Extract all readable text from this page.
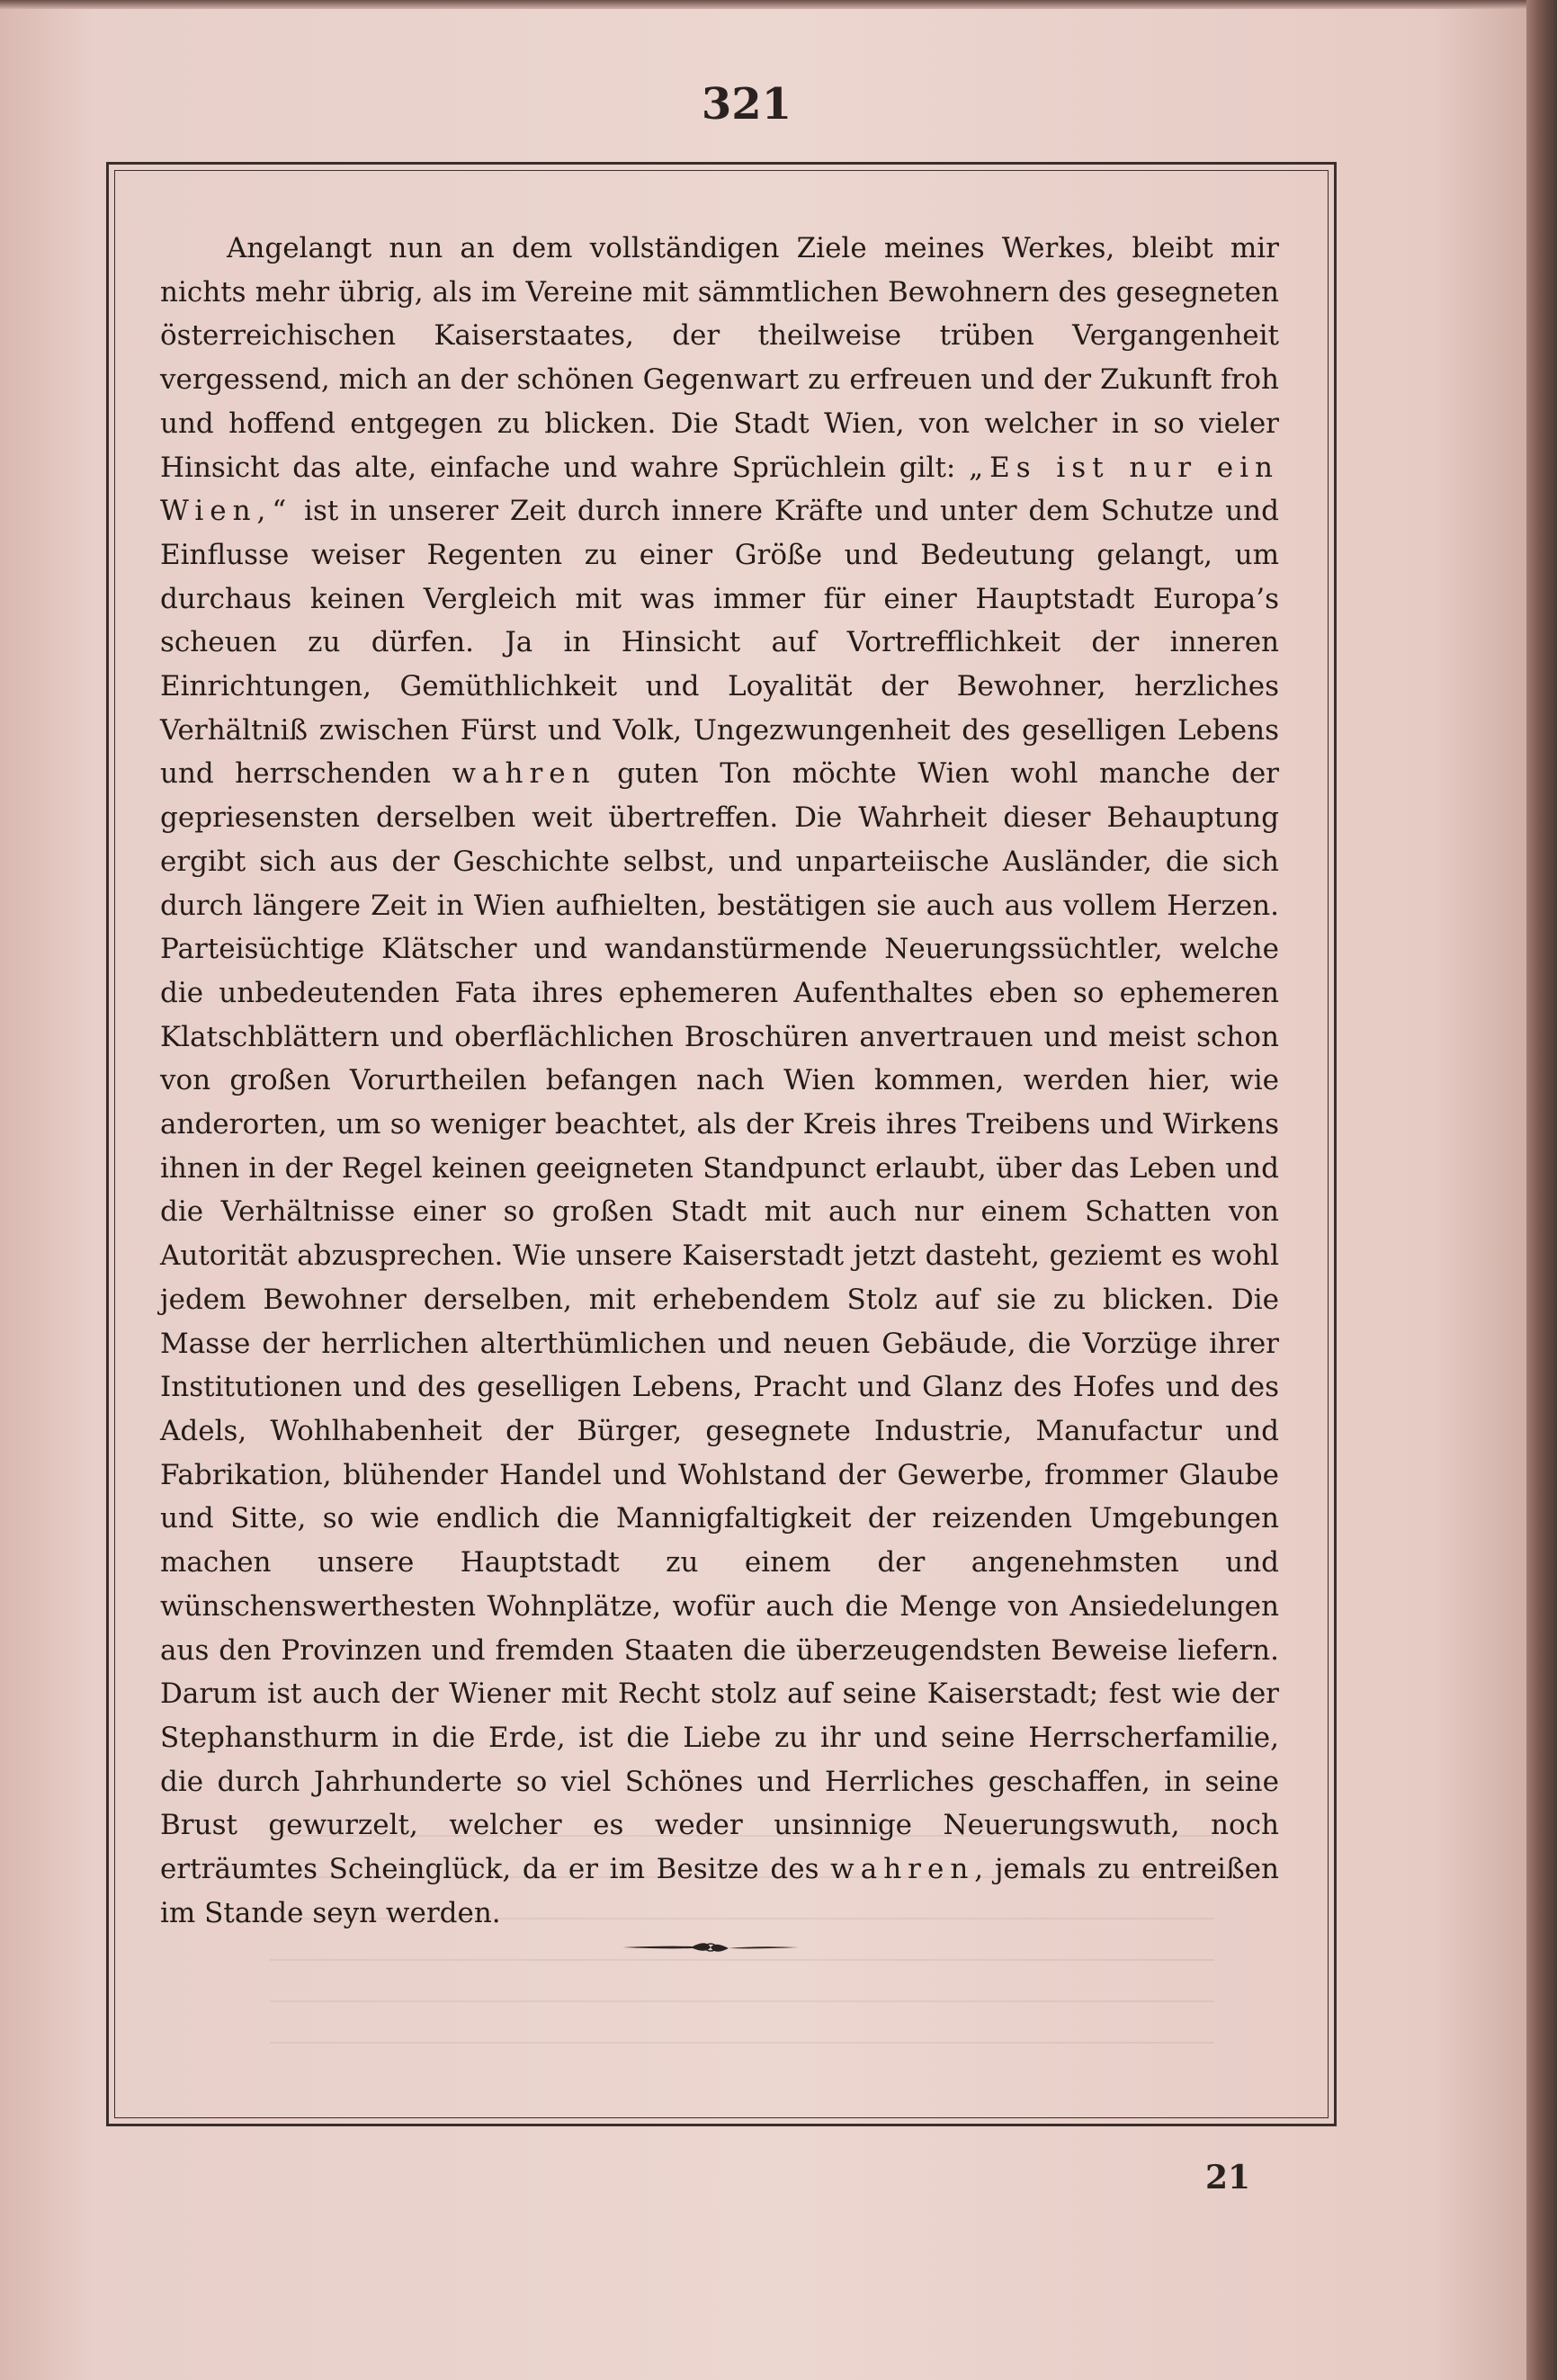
321

Angelangt nun an dem vollständigen Ziele meines Werkes, bleibt mir nichts mehr übrig, als im Vereine mit sämmtlichen Bewohnern des gesegneten österreichischen Kaiserstaates, der theilweise trüben Vergangenheit vergessend, mich an der schönen Gegenwart zu erfreuen und der Zukunft froh und hoffend entgegen zu blicken. Die Stadt Wien, von welcher in so vieler Hinsicht das alte, einfache und wahre Sprüchlein gilt: „Es ist nur ein Wien,“ ist in unserer Zeit durch innere Kräfte und unter dem Schutze und Einflusse weiser Regenten zu einer Größe und Bedeutung gelangt, um durchaus keinen Vergleich mit was immer für einer Hauptstadt Europa’s scheuen zu dürfen. Ja in Hinsicht auf Vortrefflichkeit der inneren Einrichtungen, Gemüthlichkeit und Loyalität der Bewohner, herzliches Verhältniß zwischen Fürst und Volk, Ungezwungenheit des geselligen Lebens und herrschenden wahren guten Ton möchte Wien wohl manche der gepriesensten derselben weit übertreffen. Die Wahrheit dieser Behauptung ergibt sich aus der Geschichte selbst, und unparteiische Ausländer, die sich durch längere Zeit in Wien aufhielten, bestätigen sie auch aus vollem Herzen. Parteisüchtige Klätscher und wandanstürmende Neuerungssüchtler, welche die unbedeutenden Fata ihres ephemeren Aufenthaltes eben so ephemeren Klatschblättern und oberflächlichen Broschüren anvertrauen und meist schon von großen Vorurtheilen befangen nach Wien kommen, werden hier, wie anderorten, um so weniger beachtet, als der Kreis ihres Treibens und Wirkens ihnen in der Regel keinen geeigneten Standpunct erlaubt, über das Leben und die Verhältnisse einer so großen Stadt mit auch nur einem Schatten von Autorität abzusprechen. Wie unsere Kaiserstadt jetzt dasteht, geziemt es wohl jedem Bewohner derselben, mit erhebendem Stolz auf sie zu blicken. Die Masse der herrlichen alterthümlichen und neuen Gebäude, die Vorzüge ihrer Institutionen und des geselligen Lebens, Pracht und Glanz des Hofes und des Adels, Wohlhabenheit der Bürger, gesegnete Industrie, Manufactur und Fabrikation, blühender Handel und Wohlstand der Gewerbe, frommer Glaube und Sitte, so wie endlich die Mannigfaltigkeit der reizenden Umgebungen machen unsere Hauptstadt zu einem der angenehmsten und wünschenswerthesten Wohnplätze, wofür auch die Menge von Ansiedelungen aus den Provinzen und fremden Staaten die überzeugendsten Beweise liefern. Darum ist auch der Wiener mit Recht stolz auf seine Kaiserstadt; fest wie der Stephansthurm in die Erde, ist die Liebe zu ihr und seine Herrscherfamilie, die durch Jahrhunderte so viel Schönes und Herrliches geschaffen, in seine Brust gewurzelt, welcher es weder unsinnige Neuerungswuth, noch erträumtes Scheinglück, da er im Besitze des wahren, jemals zu entreißen im Stande seyn werden.

21
